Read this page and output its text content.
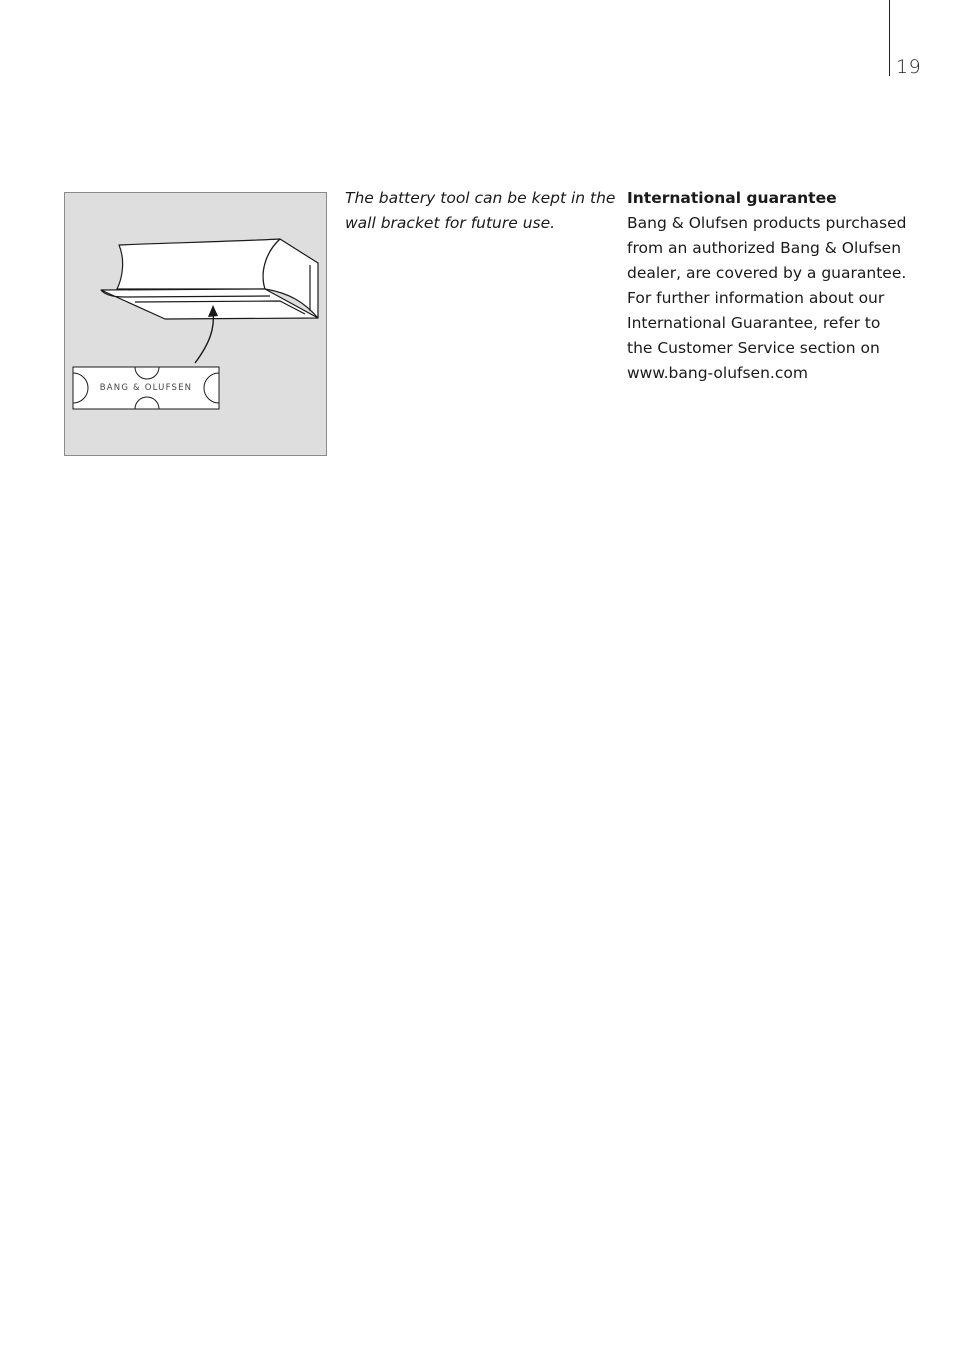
19
BANG & OLUFSEN
The battery tool can be kept in the
wall bracket for future use.
International guarantee
Bang & Olufsen products purchased
from an authorized Bang & Olufsen
dealer, are covered by a guarantee.
For further information about our
International Guarantee, refer to
the Customer Service section on
www.bang-olufsen.com
